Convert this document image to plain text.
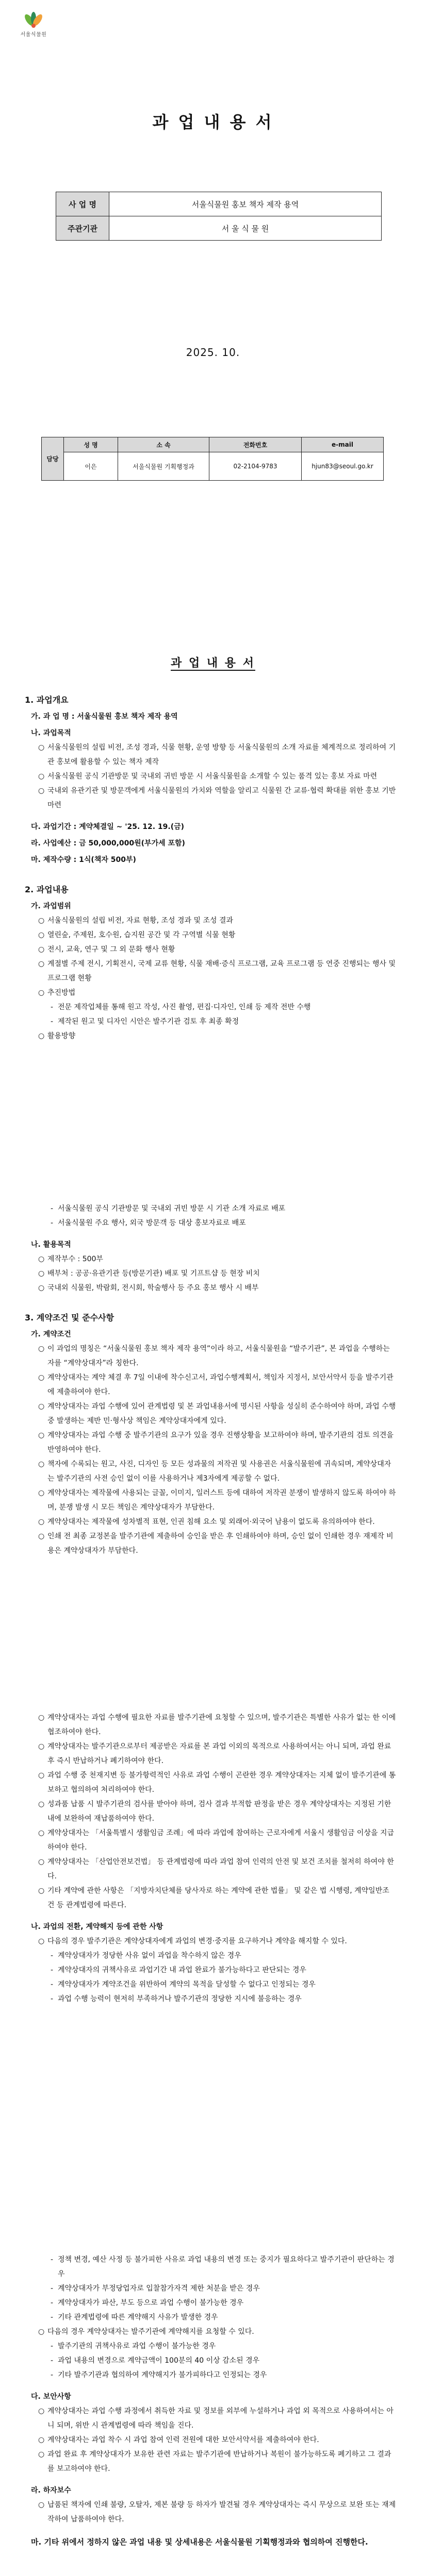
서울식물원
과 업 내 용 서
사 업 명	서울식물원 홍보 책자 제작 용역
주관기관	서 울 식 물 원
2025. 10.
담당	성 명	소 속	전화번호	e-mail
	이은	서울식물원 기획행정과	02-2104-9783	hjun83@seoul.go.kr
과 업 내 용 서
1. 과업개요
가. 과 업 명 : 서울식물원 홍보 책자 제작 용역
나. 과업목적
○ 서울식물원의 설립 비전, 조성 경과, 식물 현황, 운영 방향 등 서울식물원의 소개 자료를 체계적으로 정리하여 기관 홍보에 활용할 수 있는 책자 제작
○ 서울식물원 공식 기관방문 및 국내외 귀빈 방문 시 서울식물원을 소개할 수 있는 품격 있는 홍보 자료 마련
○ 국내외 유관기관 및 방문객에게 서울식물원의 가치와 역할을 알리고 식물원 간 교류·협력 확대를 위한 홍보 기반 마련
다. 과업기간 : 계약체결일 ~ '25. 12. 19.(금)
라. 사업예산 : 금 50,000,000원(부가세 포함)
마. 제작수량 : 1식(책자 500부)
2. 과업내용
가. 과업범위
○ 서울식물원의 설립 비전, 자료 현황, 조성 경과 및 조성 결과
○ 열린숲, 주제원, 호수원, 습지원 공간 및 각 구역별 식물 현황
○ 전시, 교육, 연구 및 그 외 문화 행사 현황
○ 계절별 주제 전시, 기획전시, 국제 교류 현황, 식물 재배·증식 프로그램, 교육 프로그램 등 연중 진행되는 행사 및 프로그램 현황
○ 추진방법
- 전문 제작업체를 통해 원고 작성, 사진 촬영, 편집·디자인, 인쇄 등 제작 전반 수행
- 제작된 원고 및 디자인 시안은 발주기관 검토 후 최종 확정
○ 활용방향
- 서울식물원 공식 기관방문 및 국내외 귀빈 방문 시 기관 소개 자료로 배포
- 서울식물원 주요 행사, 외국 방문객 등 대상 홍보자료로 배포
나. 활용목적
○ 제작부수 : 500부
○ 배부처 : 공공·유관기관 등(방문기관) 배포 및 기프트샵 등 현장 비치
○ 국내외 식물원, 박람회, 전시회, 학술행사 등 주요 홍보 행사 시 배부
3. 계약조건 및 준수사항
가. 계약조건
○ 이 과업의 명칭은 “서울식물원 홍보 책자 제작 용역”이라 하고, 서울식물원을 “발주기관”, 본 과업을 수행하는 자를 “계약상대자”라 칭한다.
○ 계약상대자는 계약 체결 후 7일 이내에 착수신고서, 과업수행계획서, 책임자 지정서, 보안서약서 등을 발주기관에 제출하여야 한다.
○ 계약상대자는 과업 수행에 있어 관계법령 및 본 과업내용서에 명시된 사항을 성실히 준수하여야 하며, 과업 수행 중 발생하는 제반 민·형사상 책임은 계약상대자에게 있다.
○ 계약상대자는 과업 수행 중 발주기관의 요구가 있을 경우 진행상황을 보고하여야 하며, 발주기관의 검토 의견을 반영하여야 한다.
○ 책자에 수록되는 원고, 사진, 디자인 등 모든 성과물의 저작권 및 사용권은 서울식물원에 귀속되며, 계약상대자는 발주기관의 사전 승인 없이 이를 사용하거나 제3자에게 제공할 수 없다.
○ 계약상대자는 제작물에 사용되는 글꼴, 이미지, 일러스트 등에 대하여 저작권 분쟁이 발생하지 않도록 하여야 하며, 분쟁 발생 시 모든 책임은 계약상대자가 부담한다.
○ 계약상대자는 제작물에 성차별적 표현, 인권 침해 요소 및 외래어·외국어 남용이 없도록 유의하여야 한다.
○ 인쇄 전 최종 교정본을 발주기관에 제출하여 승인을 받은 후 인쇄하여야 하며, 승인 없이 인쇄한 경우 재제작 비용은 계약상대자가 부담한다.
○ 계약상대자는 과업 수행에 필요한 자료를 발주기관에 요청할 수 있으며, 발주기관은 특별한 사유가 없는 한 이에 협조하여야 한다.
○ 계약상대자는 발주기관으로부터 제공받은 자료를 본 과업 이외의 목적으로 사용하여서는 아니 되며, 과업 완료 후 즉시 반납하거나 폐기하여야 한다.
○ 과업 수행 중 천재지변 등 불가항력적인 사유로 과업 수행이 곤란한 경우 계약상대자는 지체 없이 발주기관에 통보하고 협의하여 처리하여야 한다.
○ 성과품 납품 시 발주기관의 검사를 받아야 하며, 검사 결과 부적합 판정을 받은 경우 계약상대자는 지정된 기한 내에 보완하여 재납품하여야 한다.
○ 계약상대자는 「서울특별시 생활임금 조례」에 따라 과업에 참여하는 근로자에게 서울시 생활임금 이상을 지급하여야 한다.
○ 계약상대자는 「산업안전보건법」 등 관계법령에 따라 과업 참여 인력의 안전 및 보건 조치를 철저히 하여야 한다.
○ 기타 계약에 관한 사항은 「지방자치단체를 당사자로 하는 계약에 관한 법률」 및 같은 법 시행령, 계약일반조건 등 관계법령에 따른다.
나. 과업의 전환, 계약해지 등에 관한 사항
○ 다음의 경우 발주기관은 계약상대자에게 과업의 변경·중지를 요구하거나 계약을 해지할 수 있다.
- 계약상대자가 정당한 사유 없이 과업을 착수하지 않은 경우
- 계약상대자의 귀책사유로 과업기간 내 과업 완료가 불가능하다고 판단되는 경우
- 계약상대자가 계약조건을 위반하여 계약의 목적을 달성할 수 없다고 인정되는 경우
- 과업 수행 능력이 현저히 부족하거나 발주기관의 정당한 지시에 불응하는 경우
- 정책 변경, 예산 사정 등 불가피한 사유로 과업 내용의 변경 또는 중지가 필요하다고 발주기관이 판단하는 경우
- 계약상대자가 부정당업자로 입찰참가자격 제한 처분을 받은 경우
- 계약상대자가 파산, 부도 등으로 과업 수행이 불가능한 경우
- 기타 관계법령에 따른 계약해지 사유가 발생한 경우
○ 다음의 경우 계약상대자는 발주기관에 계약해지를 요청할 수 있다.
- 발주기관의 귀책사유로 과업 수행이 불가능한 경우
- 과업 내용의 변경으로 계약금액이 100분의 40 이상 감소된 경우
- 기타 발주기관과 협의하여 계약해지가 불가피하다고 인정되는 경우
다. 보안사항
○ 계약상대자는 과업 수행 과정에서 취득한 자료 및 정보를 외부에 누설하거나 과업 외 목적으로 사용하여서는 아니 되며, 위반 시 관계법령에 따라 책임을 진다.
○ 계약상대자는 과업 착수 시 과업 참여 인력 전원에 대한 보안서약서를 제출하여야 한다.
○ 과업 완료 후 계약상대자가 보유한 관련 자료는 발주기관에 반납하거나 복원이 불가능하도록 폐기하고 그 결과를 보고하여야 한다.
라. 하자보수
○ 납품된 책자에 인쇄 불량, 오탈자, 제본 불량 등 하자가 발견될 경우 계약상대자는 즉시 무상으로 보완 또는 재제작하여 납품하여야 한다.
마. 기타 위에서 정하지 않은 과업 내용 및 상세내용은 서울식물원 기획행정과와 협의하여 진행한다.
